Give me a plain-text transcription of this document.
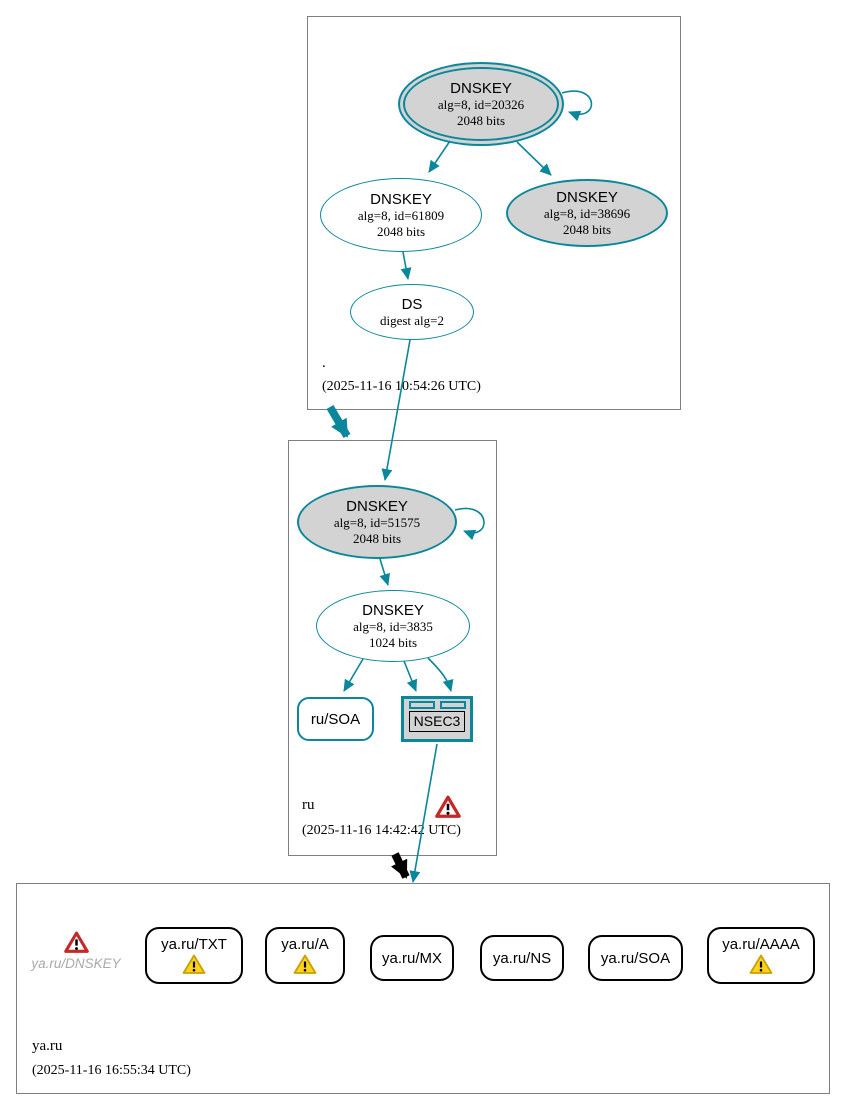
DNSKEY
alg=8, id=20326
2048 bits
DNSKEY
alg=8, id=61809
2048 bits
DNSKEY
alg=8, id=38696
2048 bits
DS
digest alg=2
.
(2025-11-16 10:54:26 UTC)
DNSKEY
alg=8, id=51575
2048 bits
DNSKEY
alg=8, id=3835
1024 bits
ru/SOA	NSEC3
ru
(2025-11-16 14:42:42 UTC)
ya.ru/DNSKEY
ya.ru/TXT	ya.ru/A
ya.ru/MX	ya.ru/NS	ya.ru/SOA
ya.ru/AAAA
ya.ru
(2025-11-16 16:55:34 UTC)
